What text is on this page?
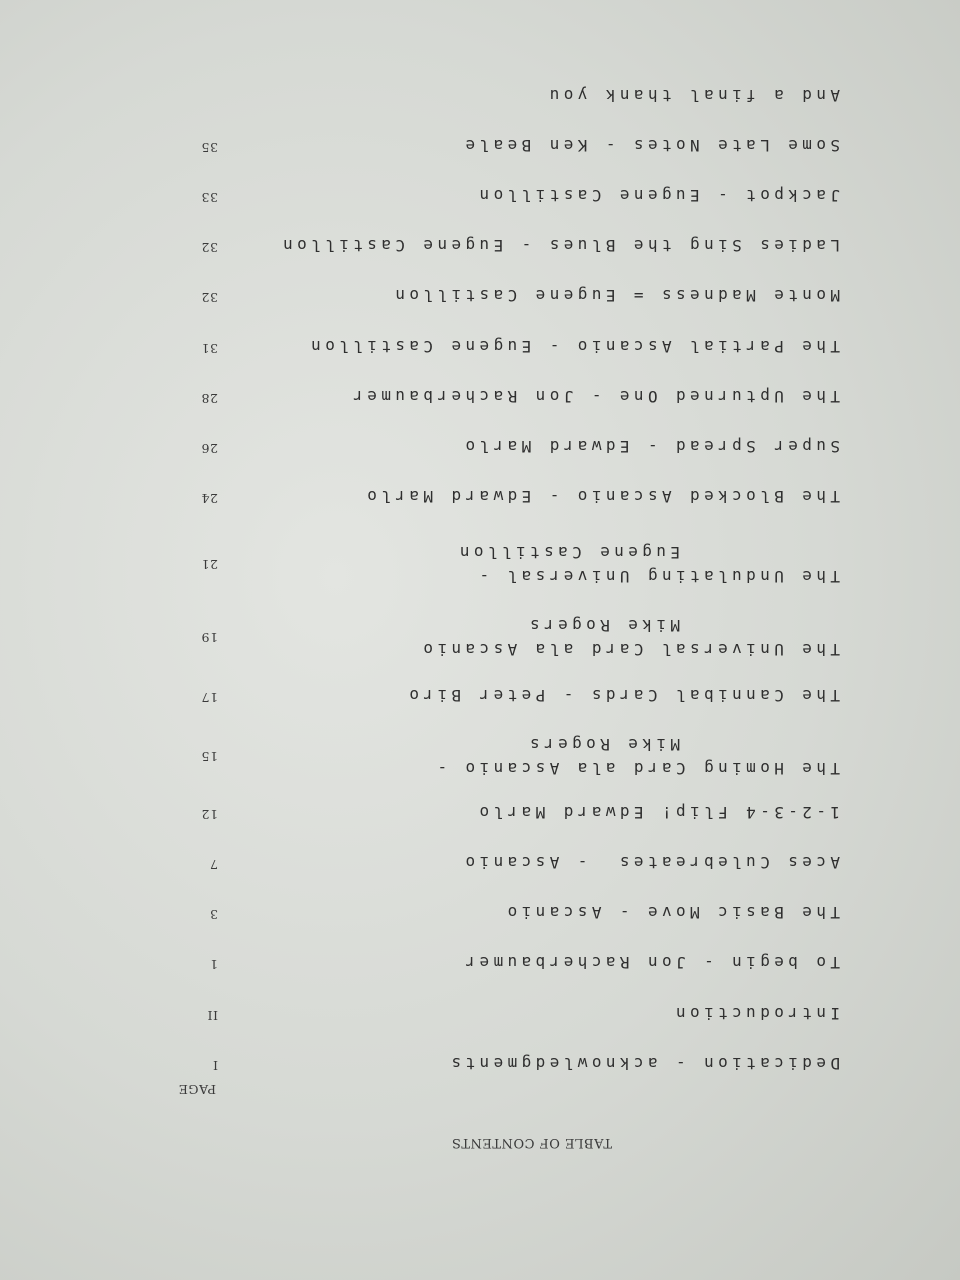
TABLE OF CONTENTS
PAGE
Dedication - acknowledgments
I
Introduction
II
To begin - Jon Racherbaumer
1
The Basic Move - Ascanio
3
Aces Culebreates  - Ascanio
7
1-2-3-4 Flip! Edward Marlo
12
The Homing Card ala Ascanio -
Mike Rogers
15
The Cannibal Cards - Peter Biro
17
The Universal Card ala Ascanio
Mike Rogers
19
The Undulating Universal -
Eugene Castillon
21
The Blocked Ascanio - Edward Marlo
24
Super Spread - Edward Marlo
26
The Upturned One - Jon Racherbaumer
28
The Partial Ascanio - Eugene Castillon
31
Monte Madness = Eugene Castillon
32
Ladies Sing the Blues - Eugene Castillon
32
Jackpot - Eugene Castillon
33
Some Late Notes - Ken Beale
35
And a final thank you
